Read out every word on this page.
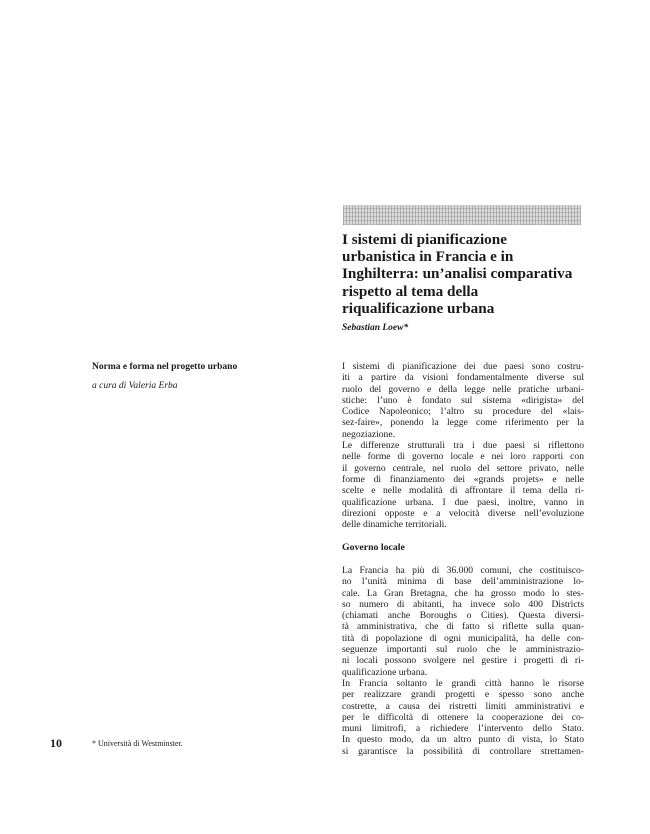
I sistemi di pianificazione
urbanistica in Francia e in
Inghilterra: un’analisi comparativa
rispetto al tema della
riqualificazione urbana
Sebastian Loew*
Norma e forma nel progetto urbano
a cura di Valeria Erba

I sistemi di pianificazione dei due paesi sono costru-
iti a partire da visioni fondamentalmente diverse sul
ruolo del governo e della legge nelle pratiche urbani-
stiche: l’uno è fondato sul sistema «dirigista» del
Codice Napoleonico; l’altro su procedure del «lais-
sez-faire», ponendo la legge come riferimento per la
negoziazione.
Le differenze strutturali tra i due paesi si riflettono
nelle forme di governo locale e nei loro rapporti con
il governo centrale, nel ruolo del settore privato, nelle
forme di finanziamento dei «grands projets» e nelle
scelte e nelle modalità di affrontare il tema della ri-
qualificazione urbana. I due paesi, inoltre, vanno in
direzioni opposte e a velocità diverse nell’evoluzione
delle dinamiche territoriali.

Governo locale

La Francia ha più di 36.000 comuni, che costituisco-
no l’unità minima di base dell’amministrazione lo-
cale. La Gran Bretagna, che ha grosso modo lo stes-
so numero di abitanti, ha invece solo 400 Districts
(chiamati anche Boroughs o Cities). Questa diversi-
tà amministrativa, che di fatto si riflette sulla quan-
tità di popolazione di ogni municipalità, ha delle con-
seguenze importanti sul ruolo che le amministrazio-
ni locali possono svolgere nel gestire i progetti di ri-
qualificazione urbana.
In Francia soltanto le grandi città hanno le risorse
per realizzare grandi progetti e spesso sono anche
costrette, a causa dei ristretti limiti amministrativi e
per le difficoltà di ottenere la cooperazione dei co-
muni limitrofi, a richiedere l’intervento dello Stato.
In questo modo, da un altro punto di vista, lo Stato
si garantisce la possibilità di controllare strettamen-

10	* Università di Westminster.
